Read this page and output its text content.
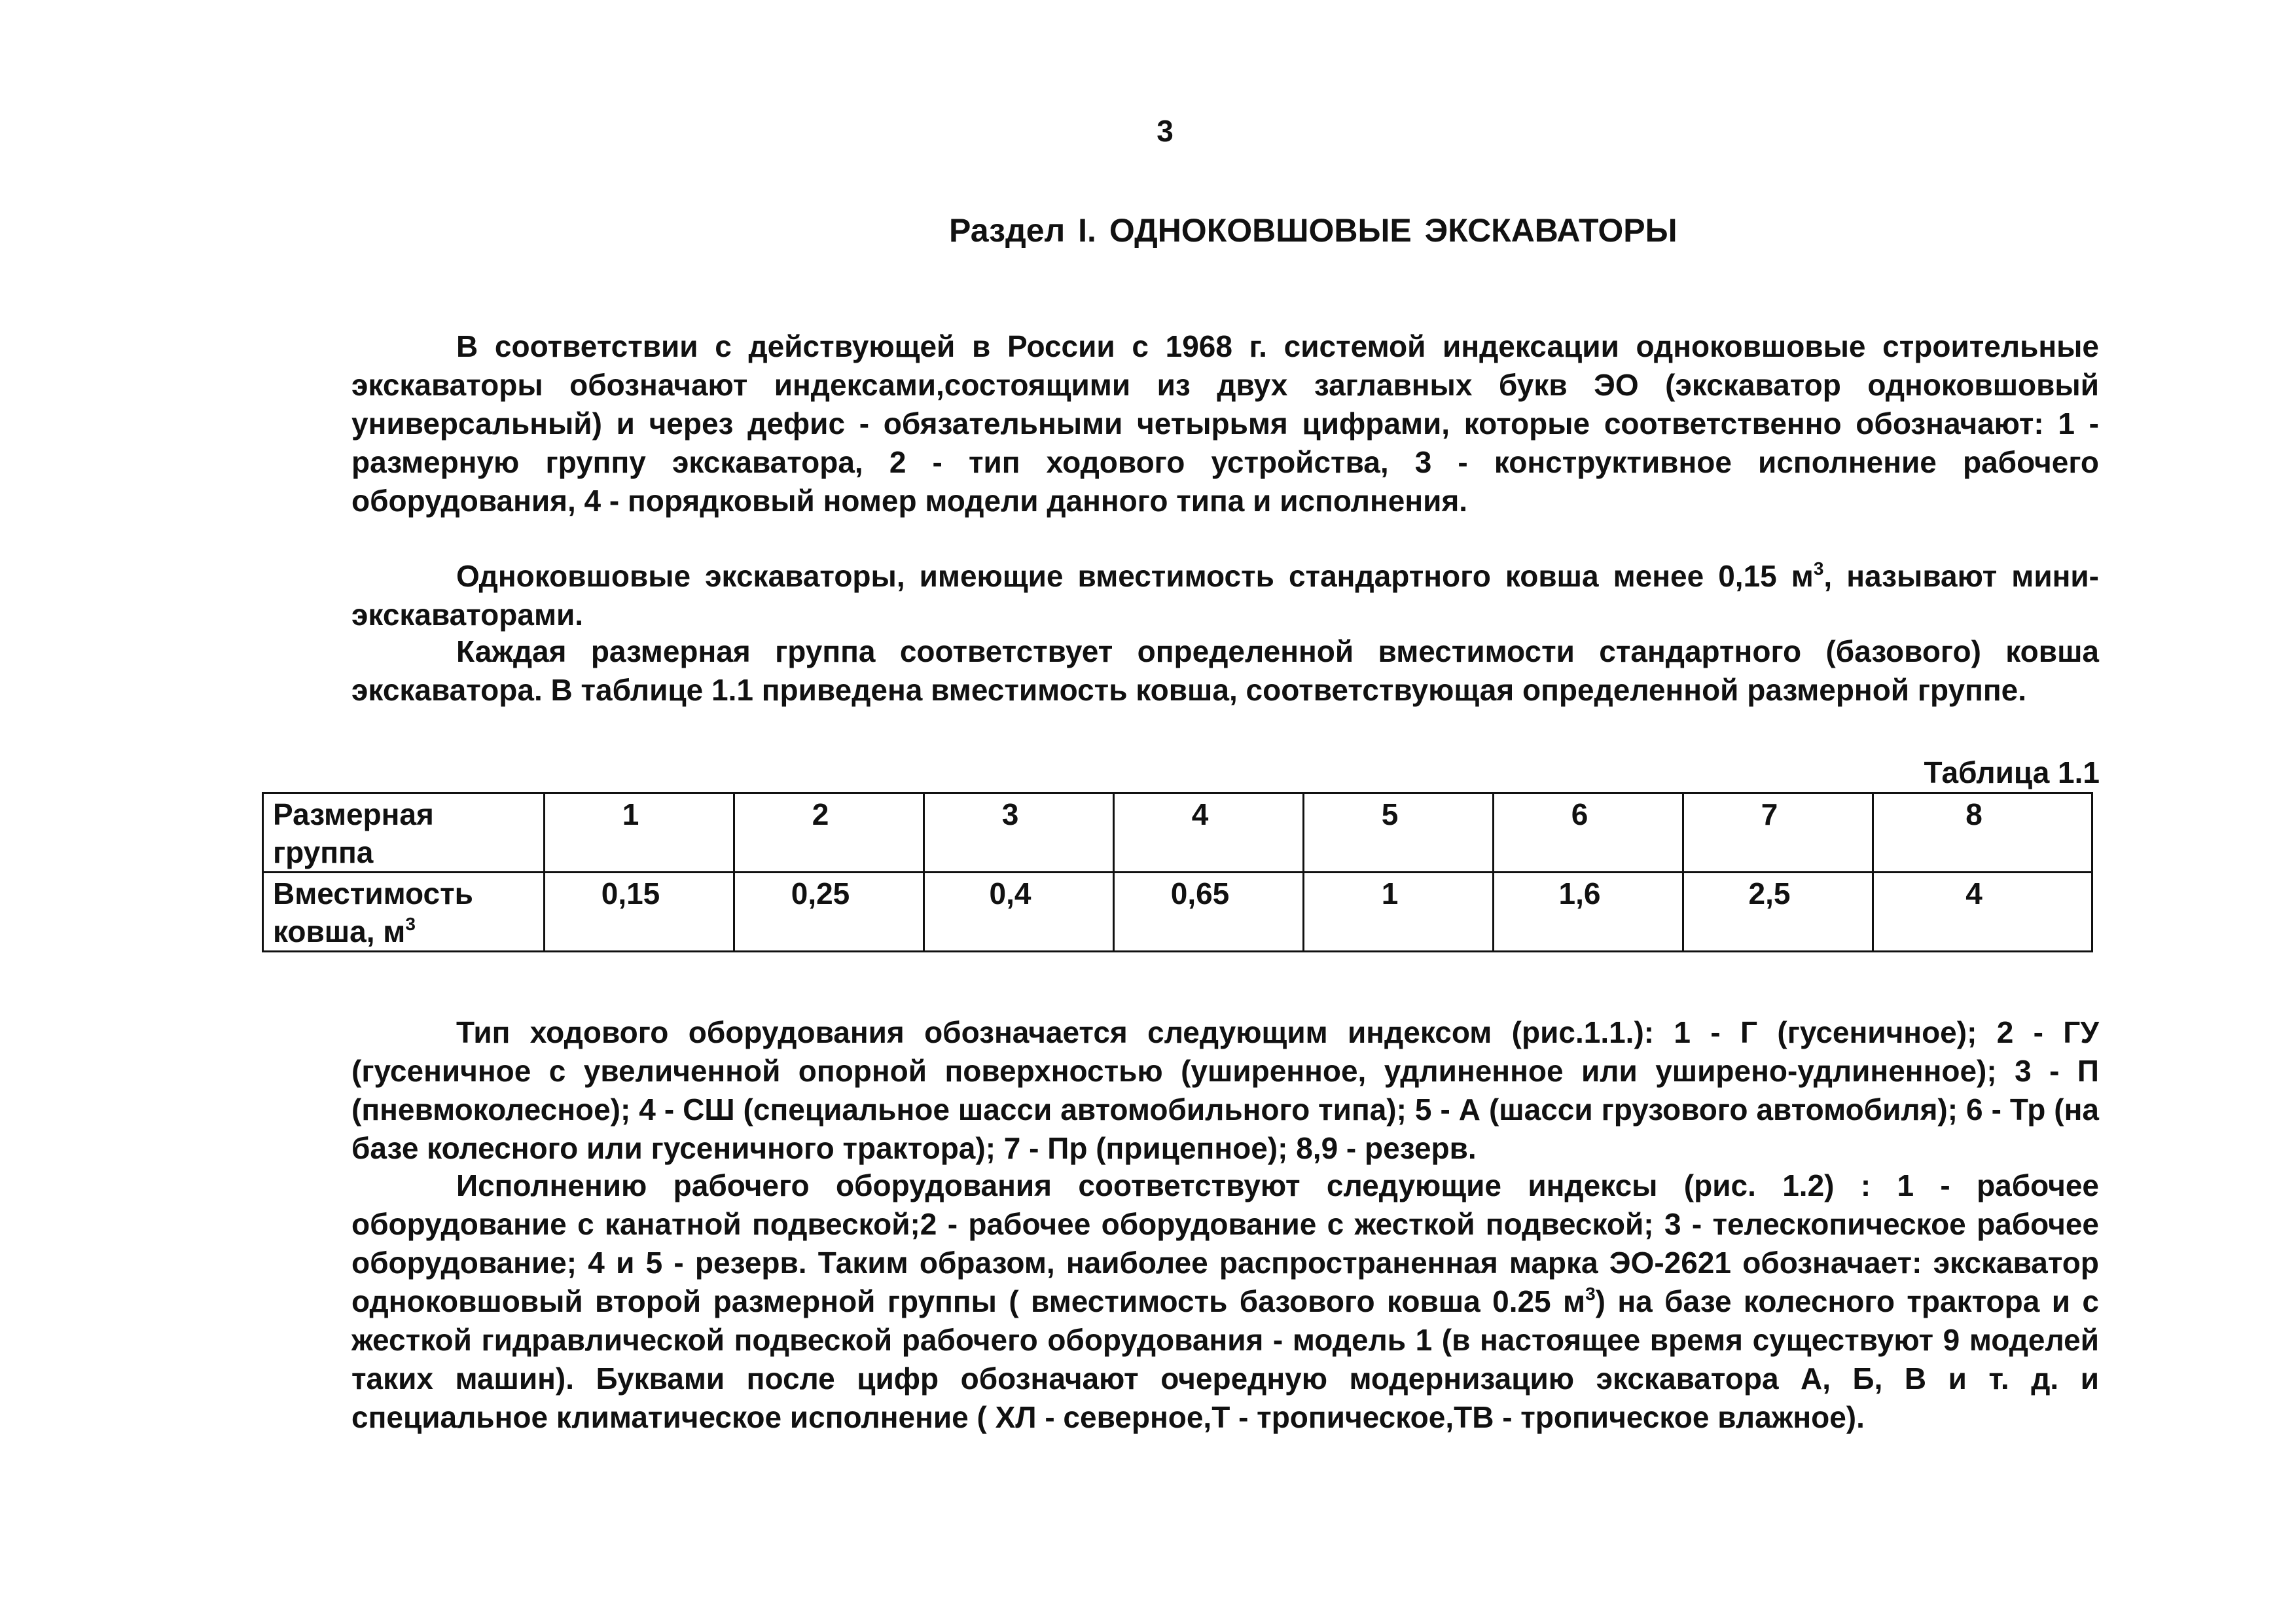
3
Раздел I. ОДНОКОВШОВЫЕ ЭКСКАВАТОРЫ

В соответствии с действующей в России с 1968 г. системой индексации одноковшовые строительные экскаваторы обозначают индексами,состоящими из двух заглавных букв ЭО (экскаватор одноковшовый универсальный) и через дефис - обязательными четырьмя цифрами, которые соответственно обозначают: 1 - размерную группу экскаватора, 2 - тип ходового устройства, 3 - конструктивное исполнение рабочего оборудования, 4 - порядковый номер модели данного типа и исполнения.

Одноковшовые экскаваторы, имеющие вместимость стандартного ковша менее 0,15 $м^3$, называют мини-экскаваторами.

Каждая размерная группа соответствует определенной вместимости стандартного (базового) ковша экскаватора. В таблице 1.1 приведена вместимость ковша, соответствующая определенной размерной группе.

Таблица 1.1
Размерная группа	1	2	3	4	5	6	7	8
Вместимость ковша, $м^3$	0,15	0,25	0,4	0,65	1	1,6	2,5	4

Тип ходового оборудования обозначается следующим индексом (рис.1.1.): 1 - Г (гусеничное); 2 - ГУ (гусеничное с увеличенной опорной поверхностью (уширенное, удлиненное или уширено-удлиненное); 3 - П (пневмоколесное); 4 - СШ (специальное шасси автомобильного типа); 5 - А (шасси грузового автомобиля); 6 - Тр (на базе колесного или гусеничного трактора); 7 - Пр (прицепное); 8,9 - резерв.

Исполнению рабочего оборудования соответствуют следующие индексы (рис. 1.2) : 1 - рабочее оборудование с канатной подвеской;2 - рабочее оборудование с жесткой подвеской; 3 - телескопическое рабочее оборудование; 4 и 5 - резерв. Таким образом, наиболее распространенная марка ЭО-2621 обозначает: экскаватор одноковшовый второй размерной группы ( вместимость базового ковша 0.25 $м^3$) на базе колесного трактора и с жесткой гидравлической подвеской рабочего оборудования - модель 1 (в настоящее время существуют 9 моделей таких машин). Буквами после цифр обозначают очередную модернизацию экскаватора А, Б, В и т. д. и специальное климатическое исполнение ( ХЛ - северное,Т - тропическое,ТВ - тропическое влажное).
